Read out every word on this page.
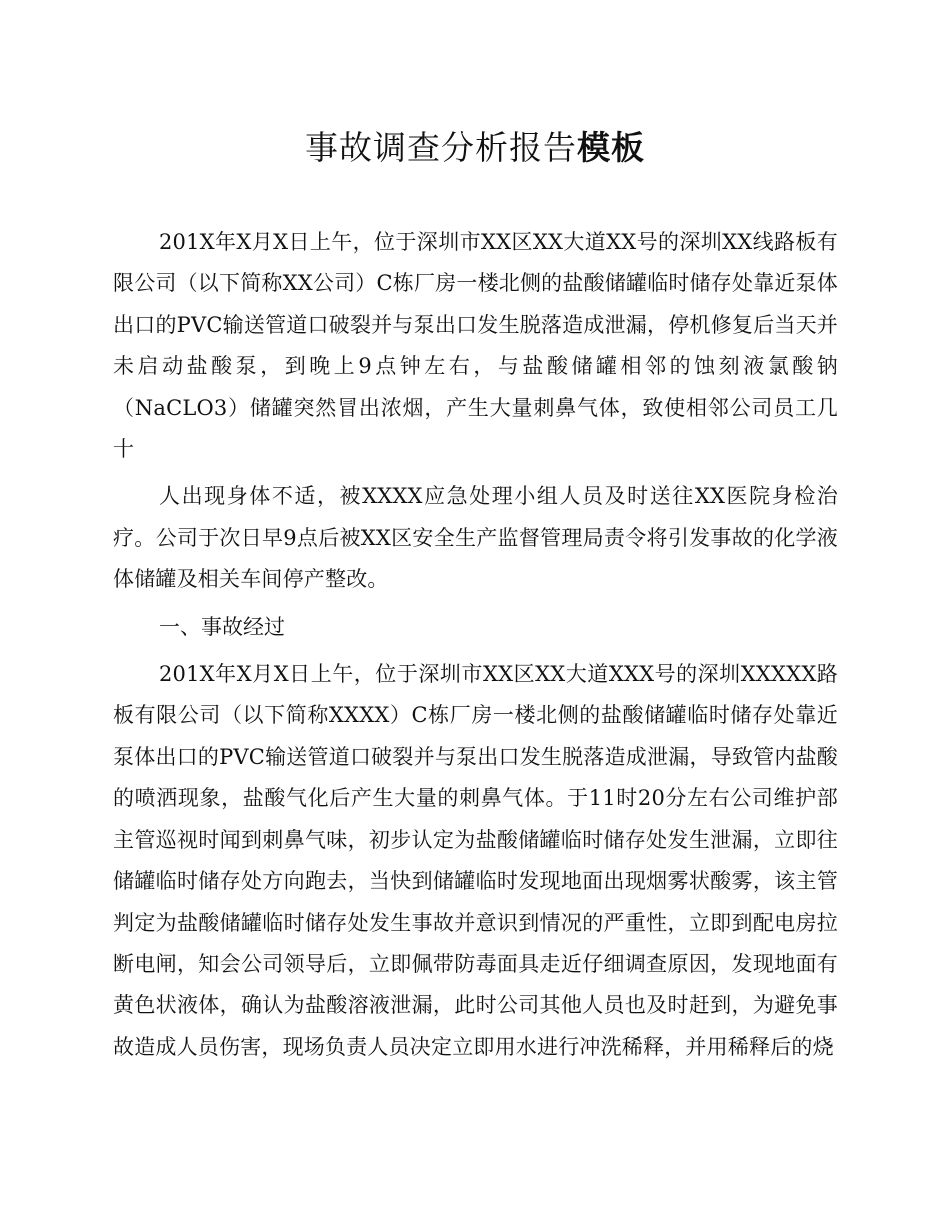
事故调查分析报告模板

201X年X月X日上午，位于深圳市XX区XX大道XX号的深圳XX线路板有限公司（以下简称XX公司）C栋厂房一楼北侧的盐酸储罐临时储存处靠近泵体出口的PVC输送管道口破裂并与泵出口发生脱落造成泄漏，停机修复后当天并未启动盐酸泵，到晚上9点钟左右，与盐酸储罐相邻的蚀刻液氯酸钠（NaCLO3）储罐突然冒出浓烟，产生大量刺鼻气体，致使相邻公司员工几十

人出现身体不适，被XXXX应急处理小组人员及时送往XX医院身检治疗。公司于次日早9点后被XX区安全生产监督管理局责令将引发事故的化学液体储罐及相关车间停产整改。

一、事故经过

201X年X月X日上午，位于深圳市XX区XX大道XXX号的深圳XXXXX路板有限公司（以下简称XXXX）C栋厂房一楼北侧的盐酸储罐临时储存处靠近泵体出口的PVC输送管道口破裂并与泵出口发生脱落造成泄漏，导致管内盐酸的喷洒现象，盐酸气化后产生大量的刺鼻气体。于11时20分左右公司维护部主管巡视时闻到刺鼻气味，初步认定为盐酸储罐临时储存处发生泄漏，立即往储罐临时储存处方向跑去，当快到储罐临时发现地面出现烟雾状酸雾，该主管判定为盐酸储罐临时储存处发生事故并意识到情况的严重性，立即到配电房拉断电闸，知会公司领导后，立即佩带防毒面具走近仔细调查原因，发现地面有黄色状液体，确认为盐酸溶液泄漏，此时公司其他人员也及时赶到，为避免事故造成人员伤害，现场负责人员决定立即用水进行冲洗稀释，并用稀释后的烧
